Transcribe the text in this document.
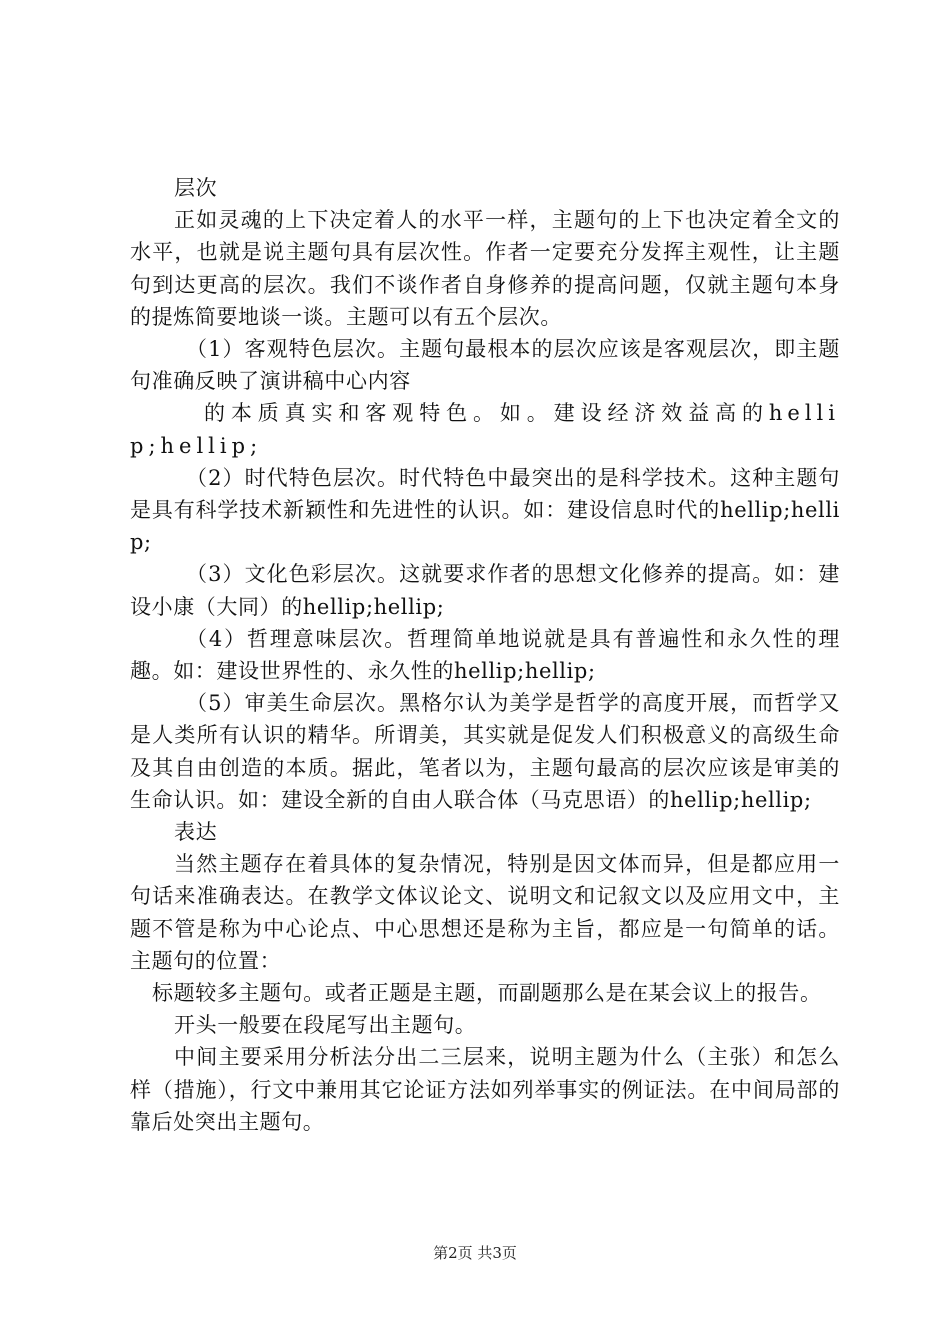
层次

正如灵魂的上下决定着人的水平一样，主题句的上下也决定着全文的水平，也就是说主题句具有层次性。作者一定要充分发挥主观性，让主题句到达更高的层次。我们不谈作者自身修养的提高问题，仅就主题句本身的提炼简要地谈一谈。主题可以有五个层次。

（1）客观特色层次。主题句最根本的层次应该是客观层次，即主题句准确反映了演讲稿中心内容

的本质真实和客观特色。如。建设经济效益高的hellip;hellip;

（2）时代特色层次。时代特色中最突出的是科学技术。这种主题句是具有科学技术新颖性和先进性的认识。如：建设信息时代的hellip;hellip;

（3）文化色彩层次。这就要求作者的思想文化修养的提高。如：建设小康（大同）的hellip;hellip;

（4）哲理意味层次。哲理简单地说就是具有普遍性和永久性的理趣。如：建设世界性的、永久性的hellip;hellip;

（5）审美生命层次。黑格尔认为美学是哲学的高度开展，而哲学又是人类所有认识的精华。所谓美，其实就是促发人们积极意义的高级生命及其自由创造的本质。据此，笔者以为，主题句最高的层次应该是审美的生命认识。如：建设全新的自由人联合体（马克思语）的hellip;hellip;

表达

当然主题存在着具体的复杂情况，特别是因文体而异，但是都应用一句话来准确表达。在教学文体议论文、说明文和记叙文以及应用文中，主题不管是称为中心论点、中心思想还是称为主旨，都应是一句简单的话。主题句的位置：

标题较多主题句。或者正题是主题，而副题那么是在某会议上的报告。

开头一般要在段尾写出主题句。

中间主要采用分析法分出二三层来，说明主题为什么（主张）和怎么样（措施），行文中兼用其它论证方法如列举事实的例证法。在中间局部的靠后处突出主题句。

第2页 共3页
